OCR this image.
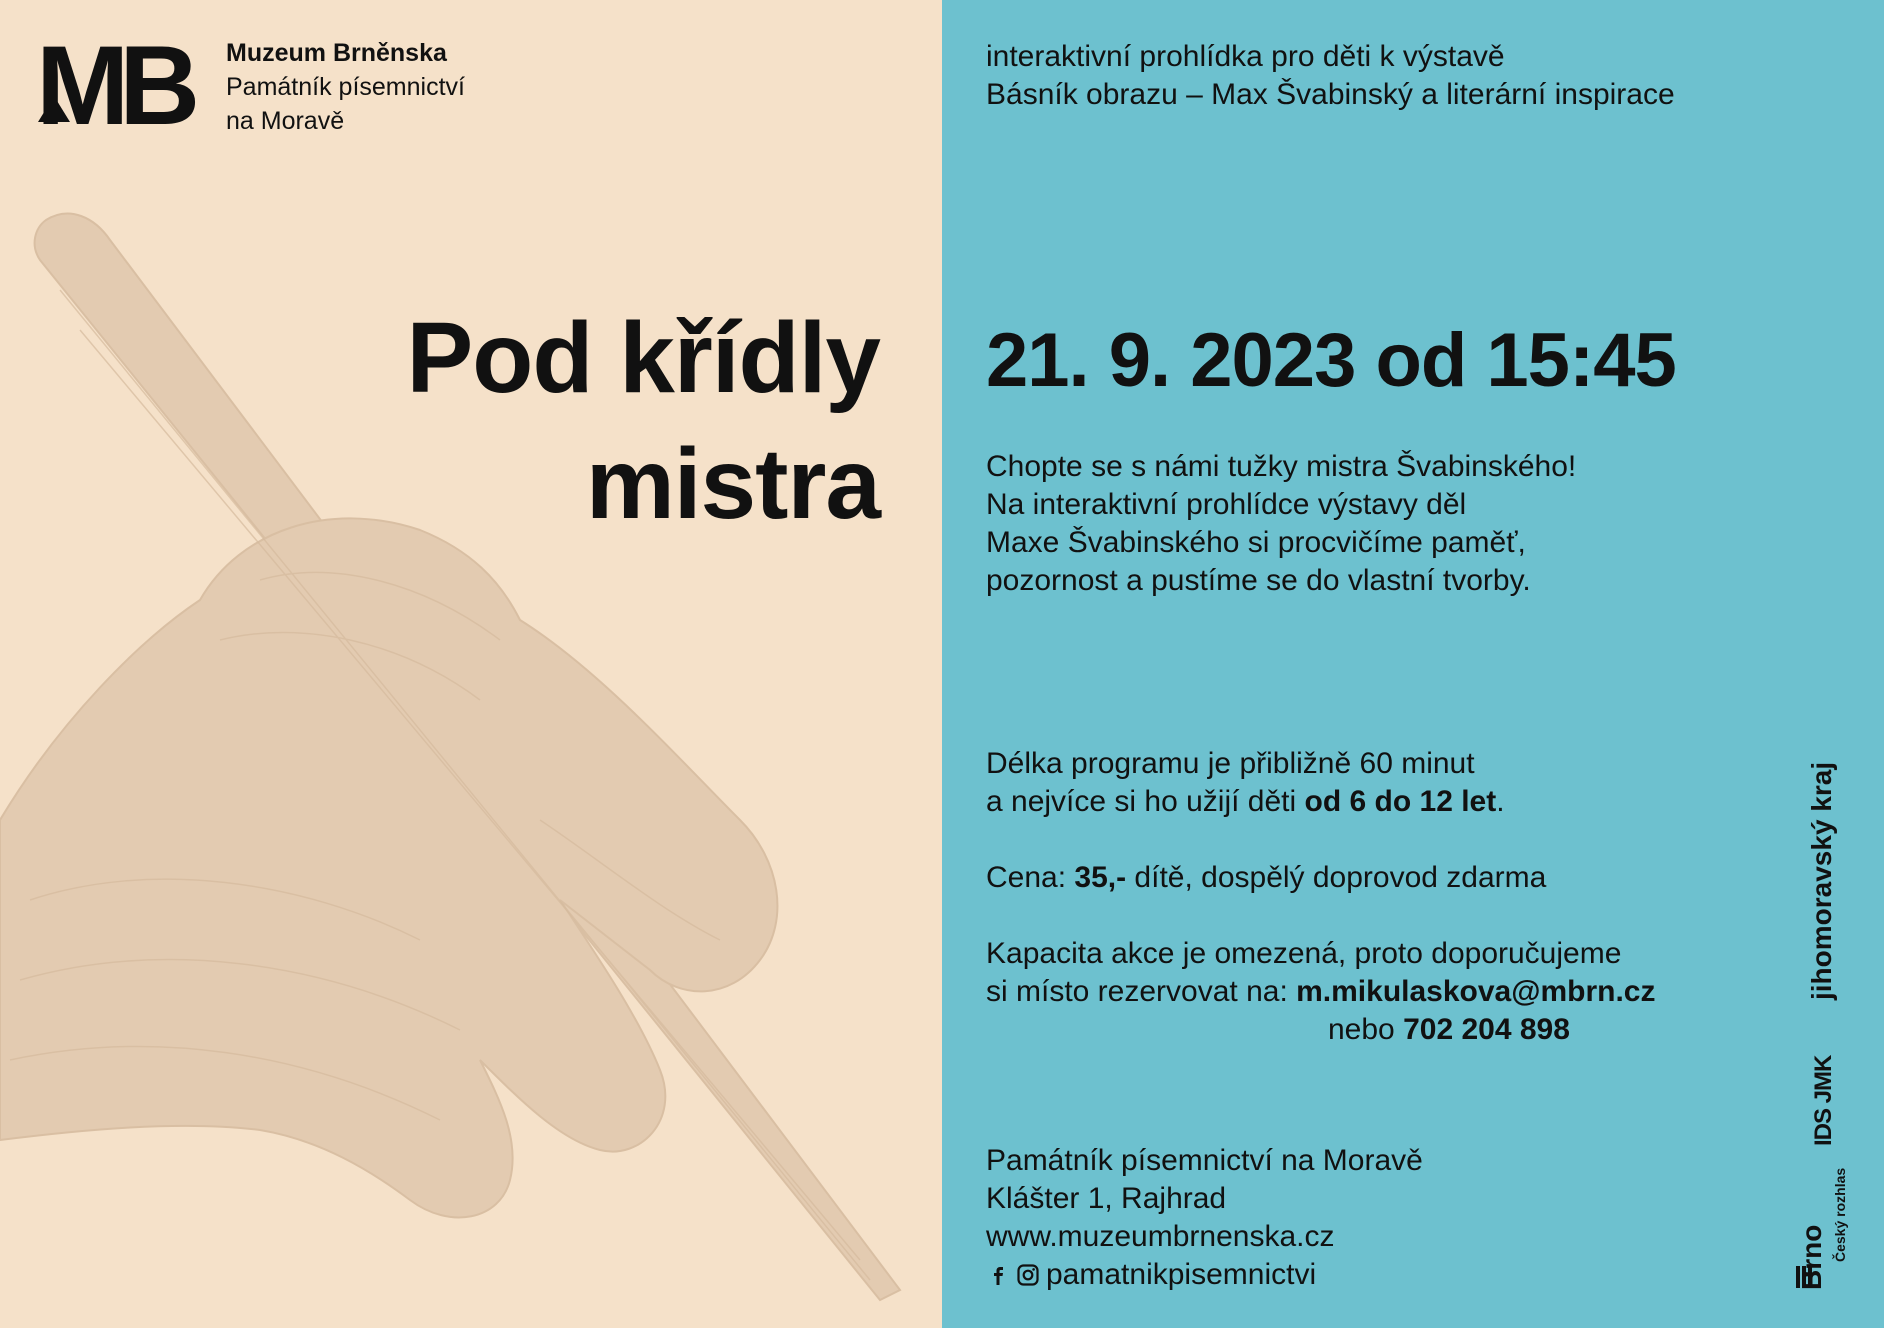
MB Muzeum Brněnska
Památník písemnictví
na Moravě
Pod křídly
mistra
interaktivní prohlídka pro děti k výstavě
Básník obrazu – Max Švabinský a literární inspirace
21. 9. 2023 od 15:45
Chopte se s námi tužky mistra Švabinského!
Na interaktivní prohlídce výstavy děl
Maxe Švabinského si procvičíme paměť,
pozornost a pustíme se do vlastní tvorby.
Délka programu je přibližně 60 minut
a nejvíce si ho užijí děti od 6 do 12 let.
Cena: 35,- dítě, dospělý doprovod zdarma
Kapacita akce je omezená, proto doporučujeme
si místo rezervovat na: m.mikulaskova@mbrn.cz
nebo 702 204 898
Památník písemnictví na Moravě
Klášter 1, Rajhrad
www.muzeumbrnenska.cz
pamatnikpisemnictvi
jihomoravský kraj
IDS JMK
Brno Český rozhlas
